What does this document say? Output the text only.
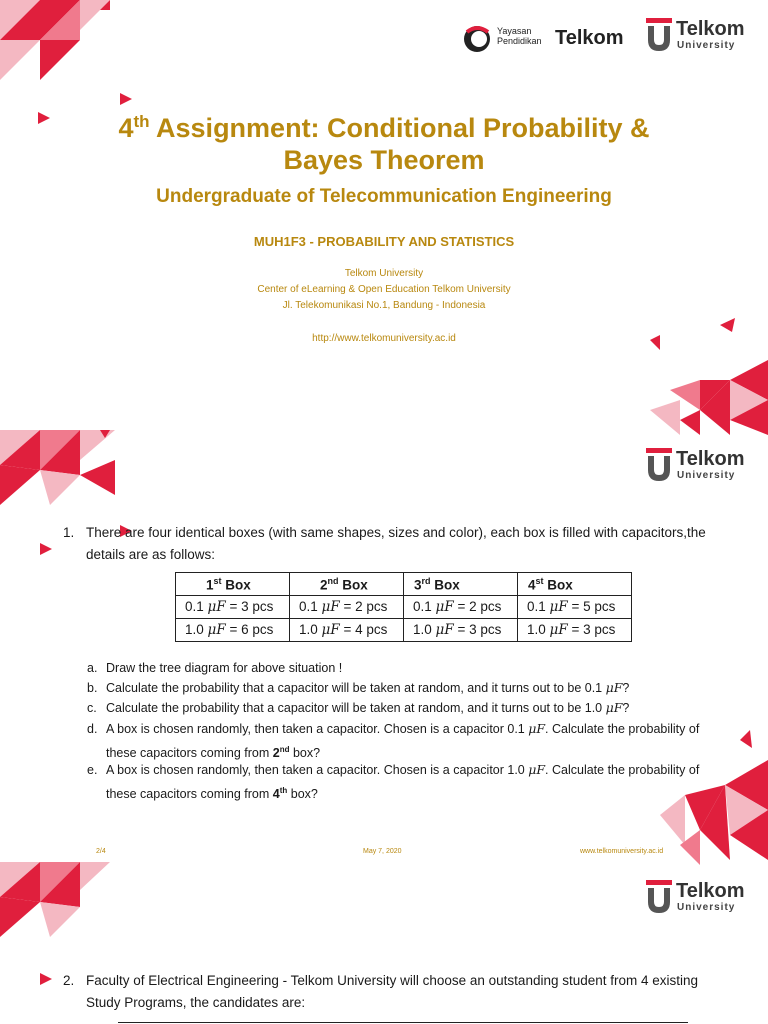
Yayasan
Pendidikan Telkom	Telkom
University
4th Assignment: Conditional Probability &
Bayes Theorem
Undergraduate of Telecommunication Engineering
MUH1F3 - PROBABILITY AND STATISTICS
Telkom University
Center of eLearning & Open Education Telkom University
Jl. Telekomunikasi No.1, Bandung - Indonesia
http://www.telkomuniversity.ac.id
Telkom
University
1. There are four identical boxes (with same shapes, sizes and color), each box is filled with capacitors,the
details are as follows:
1st Box	2nd Box	3rd Box	4st Box
0.1 μF = 3 pcs	0.1 μF = 2 pcs	0.1 μF = 2 pcs	0.1 μF = 5 pcs
1.0 μF = 6 pcs	1.0 μF = 4 pcs	1.0 μF = 3 pcs	1.0 μF = 3 pcs
a. Draw the tree diagram for above situation !
b. Calculate the probability that a capacitor will be taken at random, and it turns out to be 0.1 μF?
c. Calculate the probability that a capacitor will be taken at random, and it turns out to be 1.0 μF?
d. A box is chosen randomly, then taken a capacitor. Chosen is a capacitor 0.1 μF. Calculate the probability of
these capacitors coming from 2nd box?
e. A box is chosen randomly, then taken a capacitor. Chosen is a capacitor 1.0 μF. Calculate the probability of
these capacitors coming from 4th box?
2/4	May 7, 2020	www.telkomuniversity.ac.id
Telkom
University
2. Faculty of Electrical Engineering - Telkom University will choose an outstanding student from 4 existing
Study Programs, the candidates are:
